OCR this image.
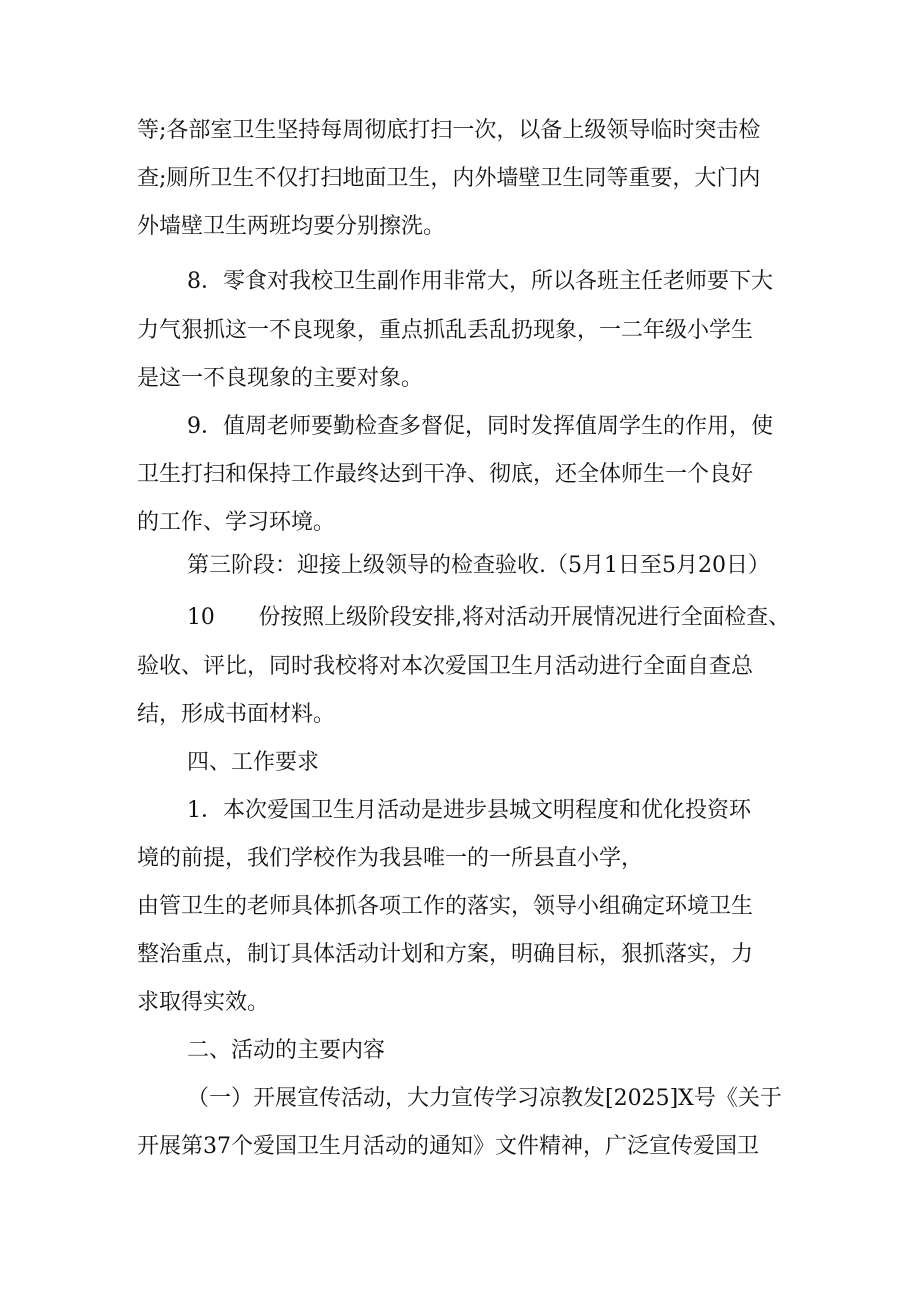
等;各部室卫生坚持每周彻底打扫一次，以备上级领导临时突击检

查;厕所卫生不仅打扫地面卫生，内外墙壁卫生同等重要，大门内

外墙壁卫生两班均要分别擦洗。

8．零食对我校卫生副作用非常大，所以各班主任老师要下大

力气狠抓这一不良现象，重点抓乱丢乱扔现象，一二年级小学生

是这一不良现象的主要对象。

9．值周老师要勤检查多督促，同时发挥值周学生的作用，使

卫生打扫和保持工作最终达到干净、彻底，还全体师生一个良好

的工作、学习环境。

第三阶段：迎接上级领导的检查验收.（5月1日至5月20日）

10　　份按照上级阶段安排,将对活动开展情况进行全面检查、

验收、评比，同时我校将对本次爱国卫生月活动进行全面自查总

结，形成书面材料。

四、工作要求

1．本次爱国卫生月活动是进步县城文明程度和优化投资环

境的前提，我们学校作为我县唯一的一所县直小学，

由管卫生的老师具体抓各项工作的落实，领导小组确定环境卫生

整治重点，制订具体活动计划和方案，明确目标，狠抓落实，力

求取得实效。

二、活动的主要内容

（一）开展宣传活动，大力宣传学习凉教发[2025]X号《关于

开展第37个爱国卫生月活动的通知》文件精神，广泛宣传爱国卫
